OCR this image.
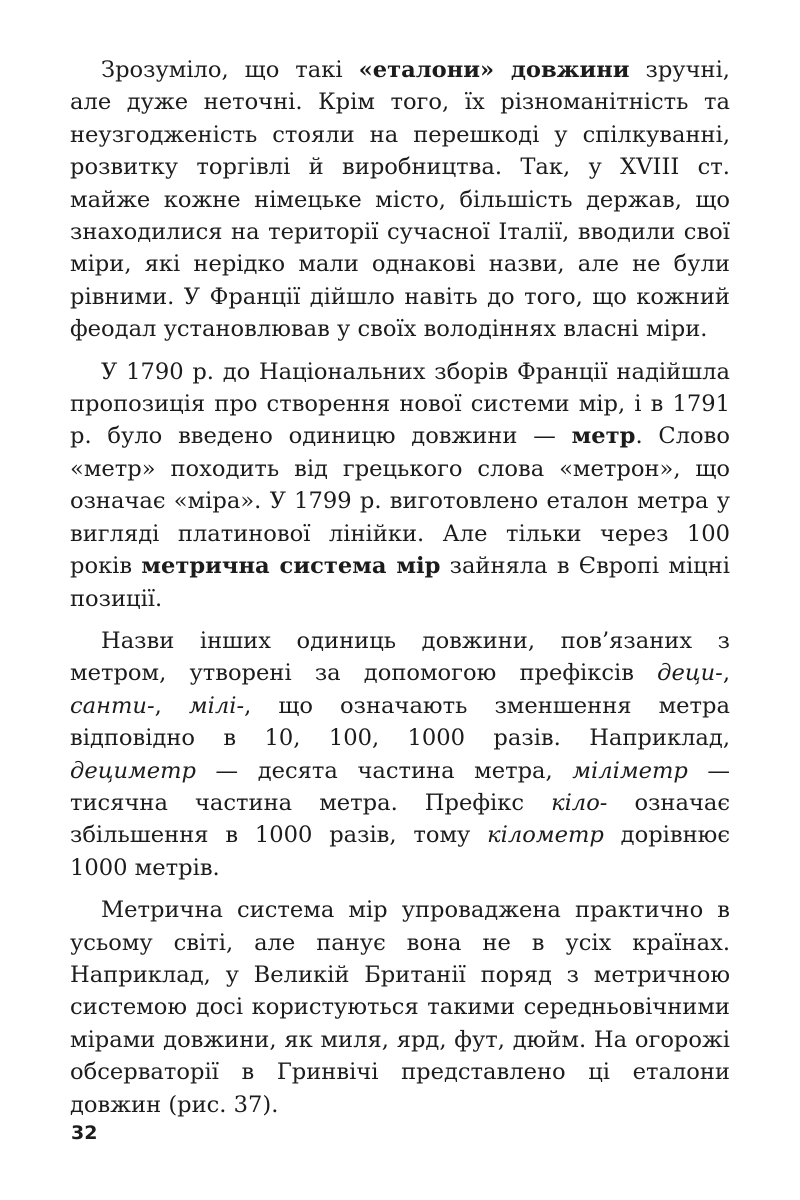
Зрозуміло, що такі «еталони» довжини зручні, але дуже неточні. Крім того, їх різноманітність та неузгодженість стояли на перешкоді у спілкуванні, розвитку торгівлі й виробництва. Так, у XVIII ст. майже кожне німецьке місто, більшість держав, що знаходилися на території сучасної Італії, вводили свої міри, які нерідко мали однакові назви, але не були рівними. У Франції дійшло навіть до того, що кожний феодал установлював у своїх володіннях власні міри.

У 1790 р. до Національних зборів Франції надійшла пропозиція про створення нової системи мір, і в 1791 р. було введено одиницю довжини — метр. Слово «метр» походить від грецького слова «метрон», що означає «міра». У 1799 р. виготовлено еталон метра у вигляді платинової лінійки. Але тільки через 100 років метрична система мір зайняла в Європі міцні позиції.

Назви інших одиниць довжини, пов’язаних з метром, утворені за допомогою префіксів деци-, санти-, мілі-, що означають зменшення метра відповідно в 10, 100, 1000 разів. Наприклад, дециметр — десята частина метра, міліметр — тисячна частина метра. Префікс кіло- означає збільшення в 1000 разів, тому кілометр дорівнює 1000 метрів.

Метрична система мір упроваджена практично в усьому світі, але панує вона не в усіх країнах. Наприклад, у Великій Британії поряд з метричною системою досі користуються такими середньовічними мірами довжини, як миля, ярд, фут, дюйм. На огорожі обсерваторії в Гринвічі представлено ці еталони довжин (рис. 37).

32
